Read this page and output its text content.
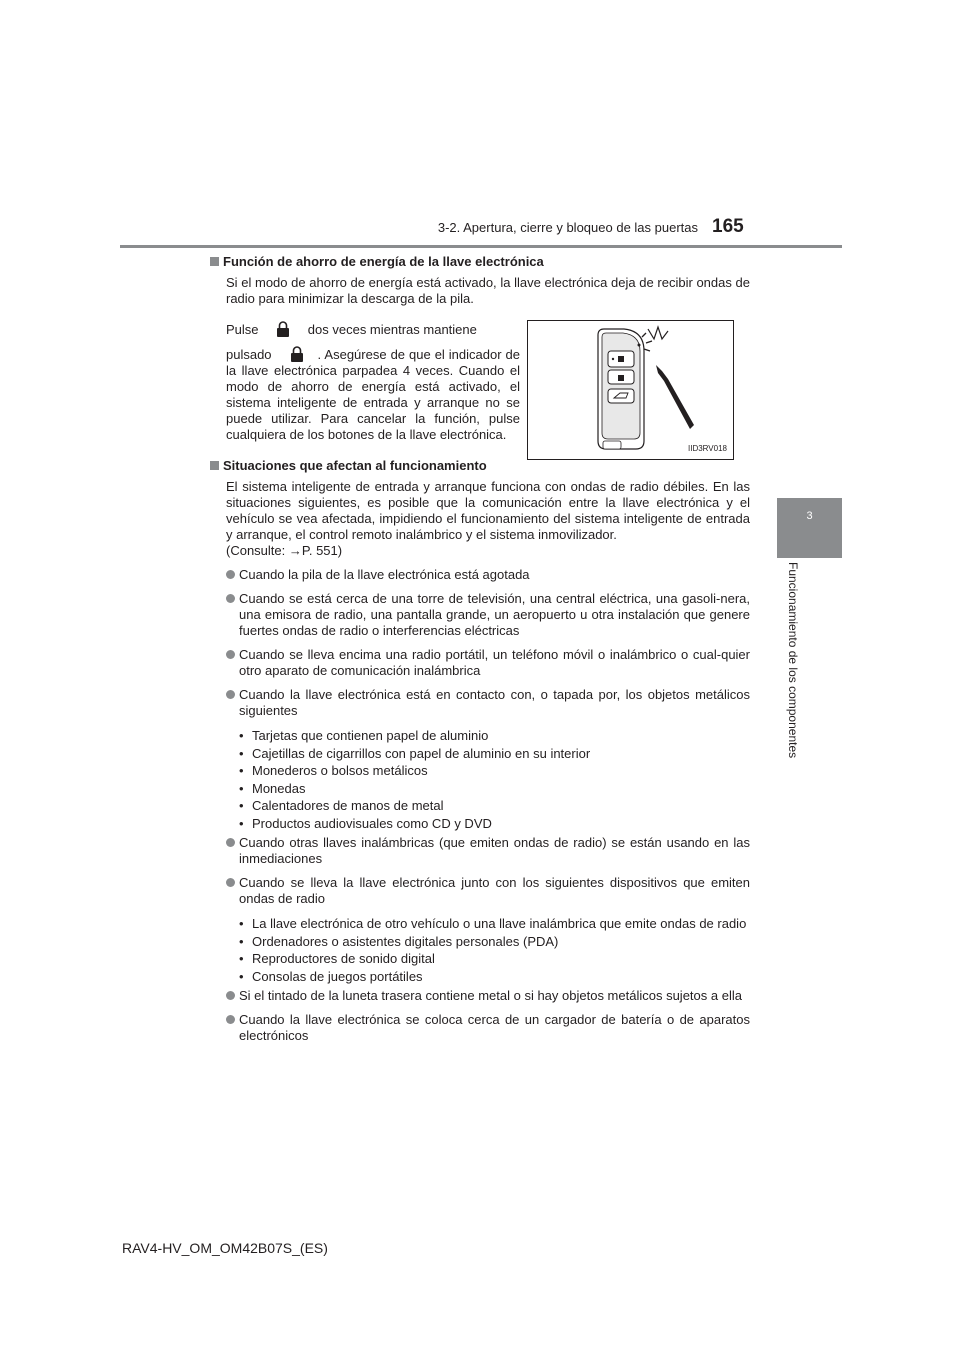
3-2. Apertura, cierre y bloqueo de las puertas 165
3
Funcionamiento de los componentes
Función de ahorro de energía de la llave electrónica
Si el modo de ahorro de energía está activado, la llave electrónica deja de recibir ondas de radio para minimizar la descarga de la pila.
Pulse	dos veces mientras mantiene
pulsado	. Asegúrese de que el indicador de la llave electrónica parpadea 4 veces. Cuando el modo de ahorro de energía está activado, el sistema inteligente de entrada y arranque no se puede utilizar. Para cancelar la función, pulse cualquiera de los botones de la llave electrónica.
Situaciones que afectan al funcionamiento
El sistema inteligente de entrada y arranque funciona con ondas de radio débiles. En las situaciones siguientes, es posible que la comunicación entre la llave electrónica y el vehículo se vea afectada, impidiendo el funcionamiento del sistema inteligente de entrada y arranque, el control remoto inalámbrico y el sistema inmovilizador.
(Consulte: →P. 551)
Cuando la pila de la llave electrónica está agotada
Cuando se está cerca de una torre de televisión, una central eléctrica, una gasoli-nera, una emisora de radio, una pantalla grande, un aeropuerto u otra instalación que genere fuertes ondas de radio o interferencias eléctricas
Cuando se lleva encima una radio portátil, un teléfono móvil o inalámbrico o cual-quier otro aparato de comunicación inalámbrica
Cuando la llave electrónica está en contacto con, o tapada por, los objetos metálicos siguientes
• Tarjetas que contienen papel de aluminio
• Cajetillas de cigarrillos con papel de aluminio en su interior
• Monederos o bolsos metálicos
• Monedas
• Calentadores de manos de metal
• Productos audiovisuales como CD y DVD
Cuando otras llaves inalámbricas (que emiten ondas de radio) se están usando en las inmediaciones
Cuando se lleva la llave electrónica junto con los siguientes dispositivos que emiten ondas de radio
• La llave electrónica de otro vehículo o una llave inalámbrica que emite ondas de radio
• Ordenadores o asistentes digitales personales (PDA)
• Reproductores de sonido digital
• Consolas de juegos portátiles
Si el tintado de la luneta trasera contiene metal o si hay objetos metálicos sujetos a ella
Cuando la llave electrónica se coloca cerca de un cargador de batería o de aparatos electrónicos
IID3RV018
RAV4-HV_OM_OM42B07S_(ES)
